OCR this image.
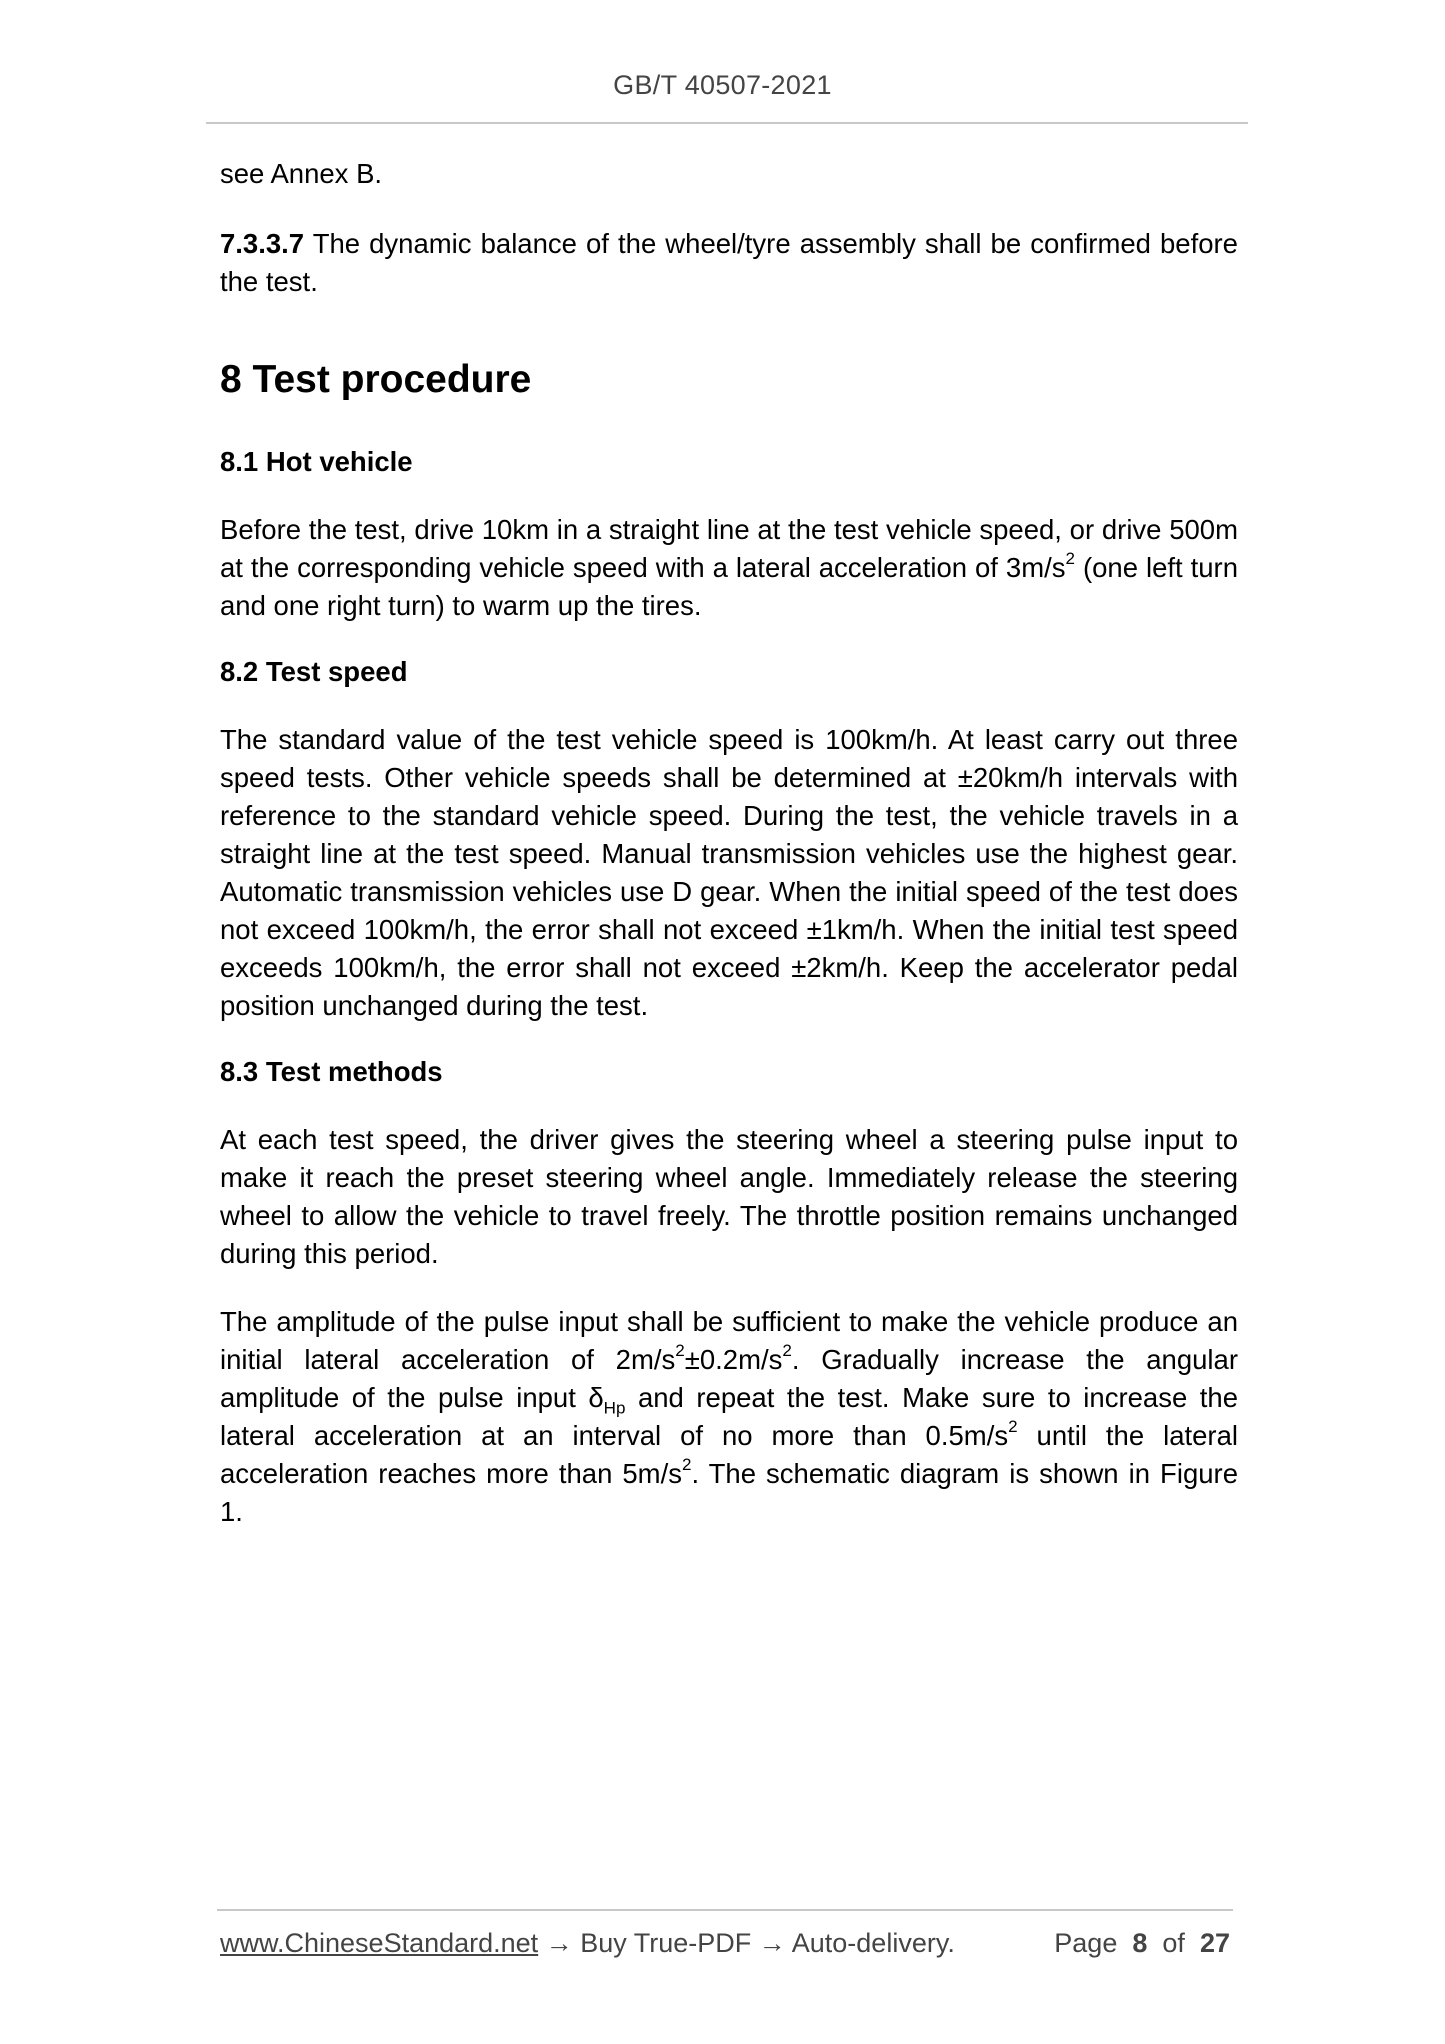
GB/T 40507-2021

see Annex B.

7.3.3.7 The dynamic balance of the wheel/tyre assembly shall be confirmed before the test.

8 Test procedure
8.1 Hot vehicle

Before the test, drive 10km in a straight line at the test vehicle speed, or drive 500m at the corresponding vehicle speed with a lateral acceleration of $3m/s^2$ (one left turn and one right turn) to warm up the tires.

8.2 Test speed

The standard value of the test vehicle speed is 100km/h. At least carry out three speed tests. Other vehicle speeds shall be determined at ±20km/h intervals with reference to the standard vehicle speed. During the test, the vehicle travels in a straight line at the test speed. Manual transmission vehicles use the highest gear. Automatic transmission vehicles use D gear. When the initial speed of the test does not exceed 100km/h, the error shall not exceed ±1km/h. When the initial test speed exceeds 100km/h, the error shall not exceed ±2km/h. Keep the accelerator pedal position unchanged during the test.

8.3 Test methods

At each test speed, the driver gives the steering wheel a steering pulse input to make it reach the preset steering wheel angle. Immediately release the steering wheel to allow the vehicle to travel freely. The throttle position remains unchanged during this period.

The amplitude of the pulse input shall be sufficient to make the vehicle produce an initial lateral acceleration of $2m/s^2\pm 0.2m/s^2$. Gradually increase the angular amplitude of the pulse input $\delta_{Hp}$ and repeat the test. Make sure to increase the lateral acceleration at an interval of no more than $0.5m/s^2$ until the lateral acceleration reaches more than $5m/s^2$. The schematic diagram is shown in Figure 1.

www.ChineseStandard.net → Buy True-PDF → Auto-delivery.	Page 8 of 27
